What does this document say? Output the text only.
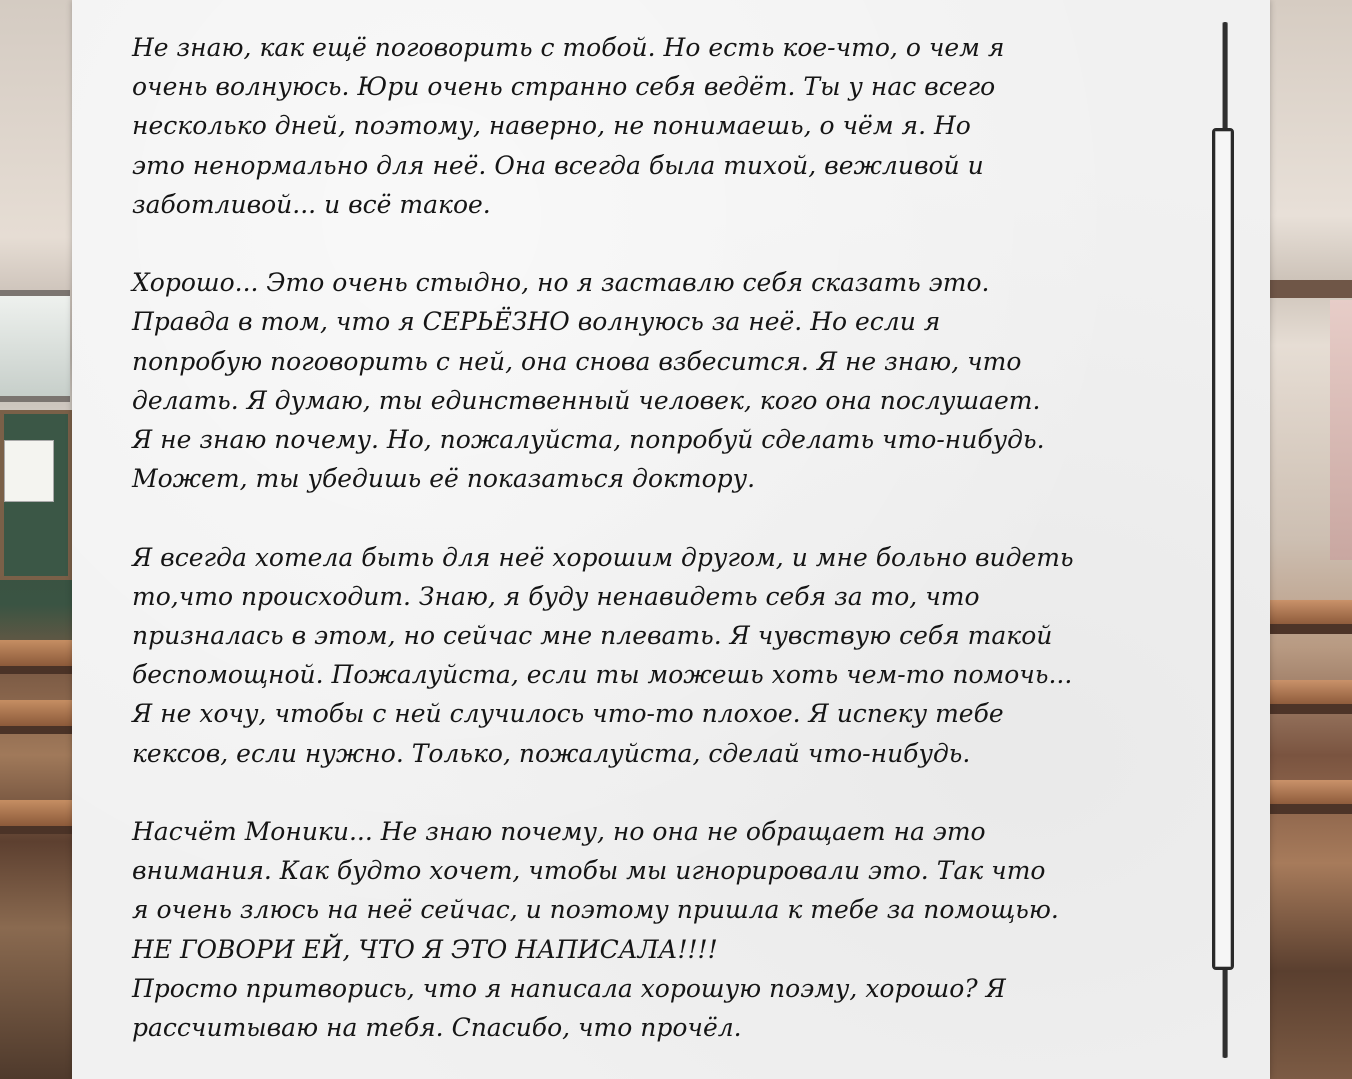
Не знаю, как ещё поговорить с тобой. Но есть кое-что, о чем я
очень волнуюсь. Юри очень странно себя ведёт. Ты у нас всего
несколько дней, поэтому, наверно, не понимаешь, о чём я. Но
это ненормально для неё. Она всегда была тихой, вежливой и
заботливой... и всё такое.

Хорошо... Это очень стыдно, но я заставлю себя сказать это.
Правда в том, что я СЕРЬЁЗНО волнуюсь за неё. Но если я
попробую поговорить с ней, она снова взбесится. Я не знаю, что
делать. Я думаю, ты единственный человек, кого она послушает.
Я не знаю почему. Но, пожалуйста, попробуй сделать что-нибудь.
Может, ты убедишь её показаться доктору.

Я всегда хотела быть для неё хорошим другом, и мне больно видеть
то,что происходит. Знаю, я буду ненавидеть себя за то, что
призналась в этом, но сейчас мне плевать. Я чувствую себя такой
беспомощной. Пожалуйста, если ты можешь хоть чем-то помочь...
Я не хочу, чтобы с ней случилось что-то плохое. Я испеку тебе
кексов, если нужно. Только, пожалуйста, сделай что-нибудь.

Насчёт Моники... Не знаю почему, но она не обращает на это
внимания. Как будто хочет, чтобы мы игнорировали это. Так что
я очень злюсь на неё сейчас, и поэтому пришла к тебе за помощью.
НЕ ГОВОРИ ЕЙ, ЧТО Я ЭТО НАПИСАЛА!!!!
Просто притворись, что я написала хорошую поэму, хорошо? Я
рассчитываю на тебя. Спасибо, что прочёл.
